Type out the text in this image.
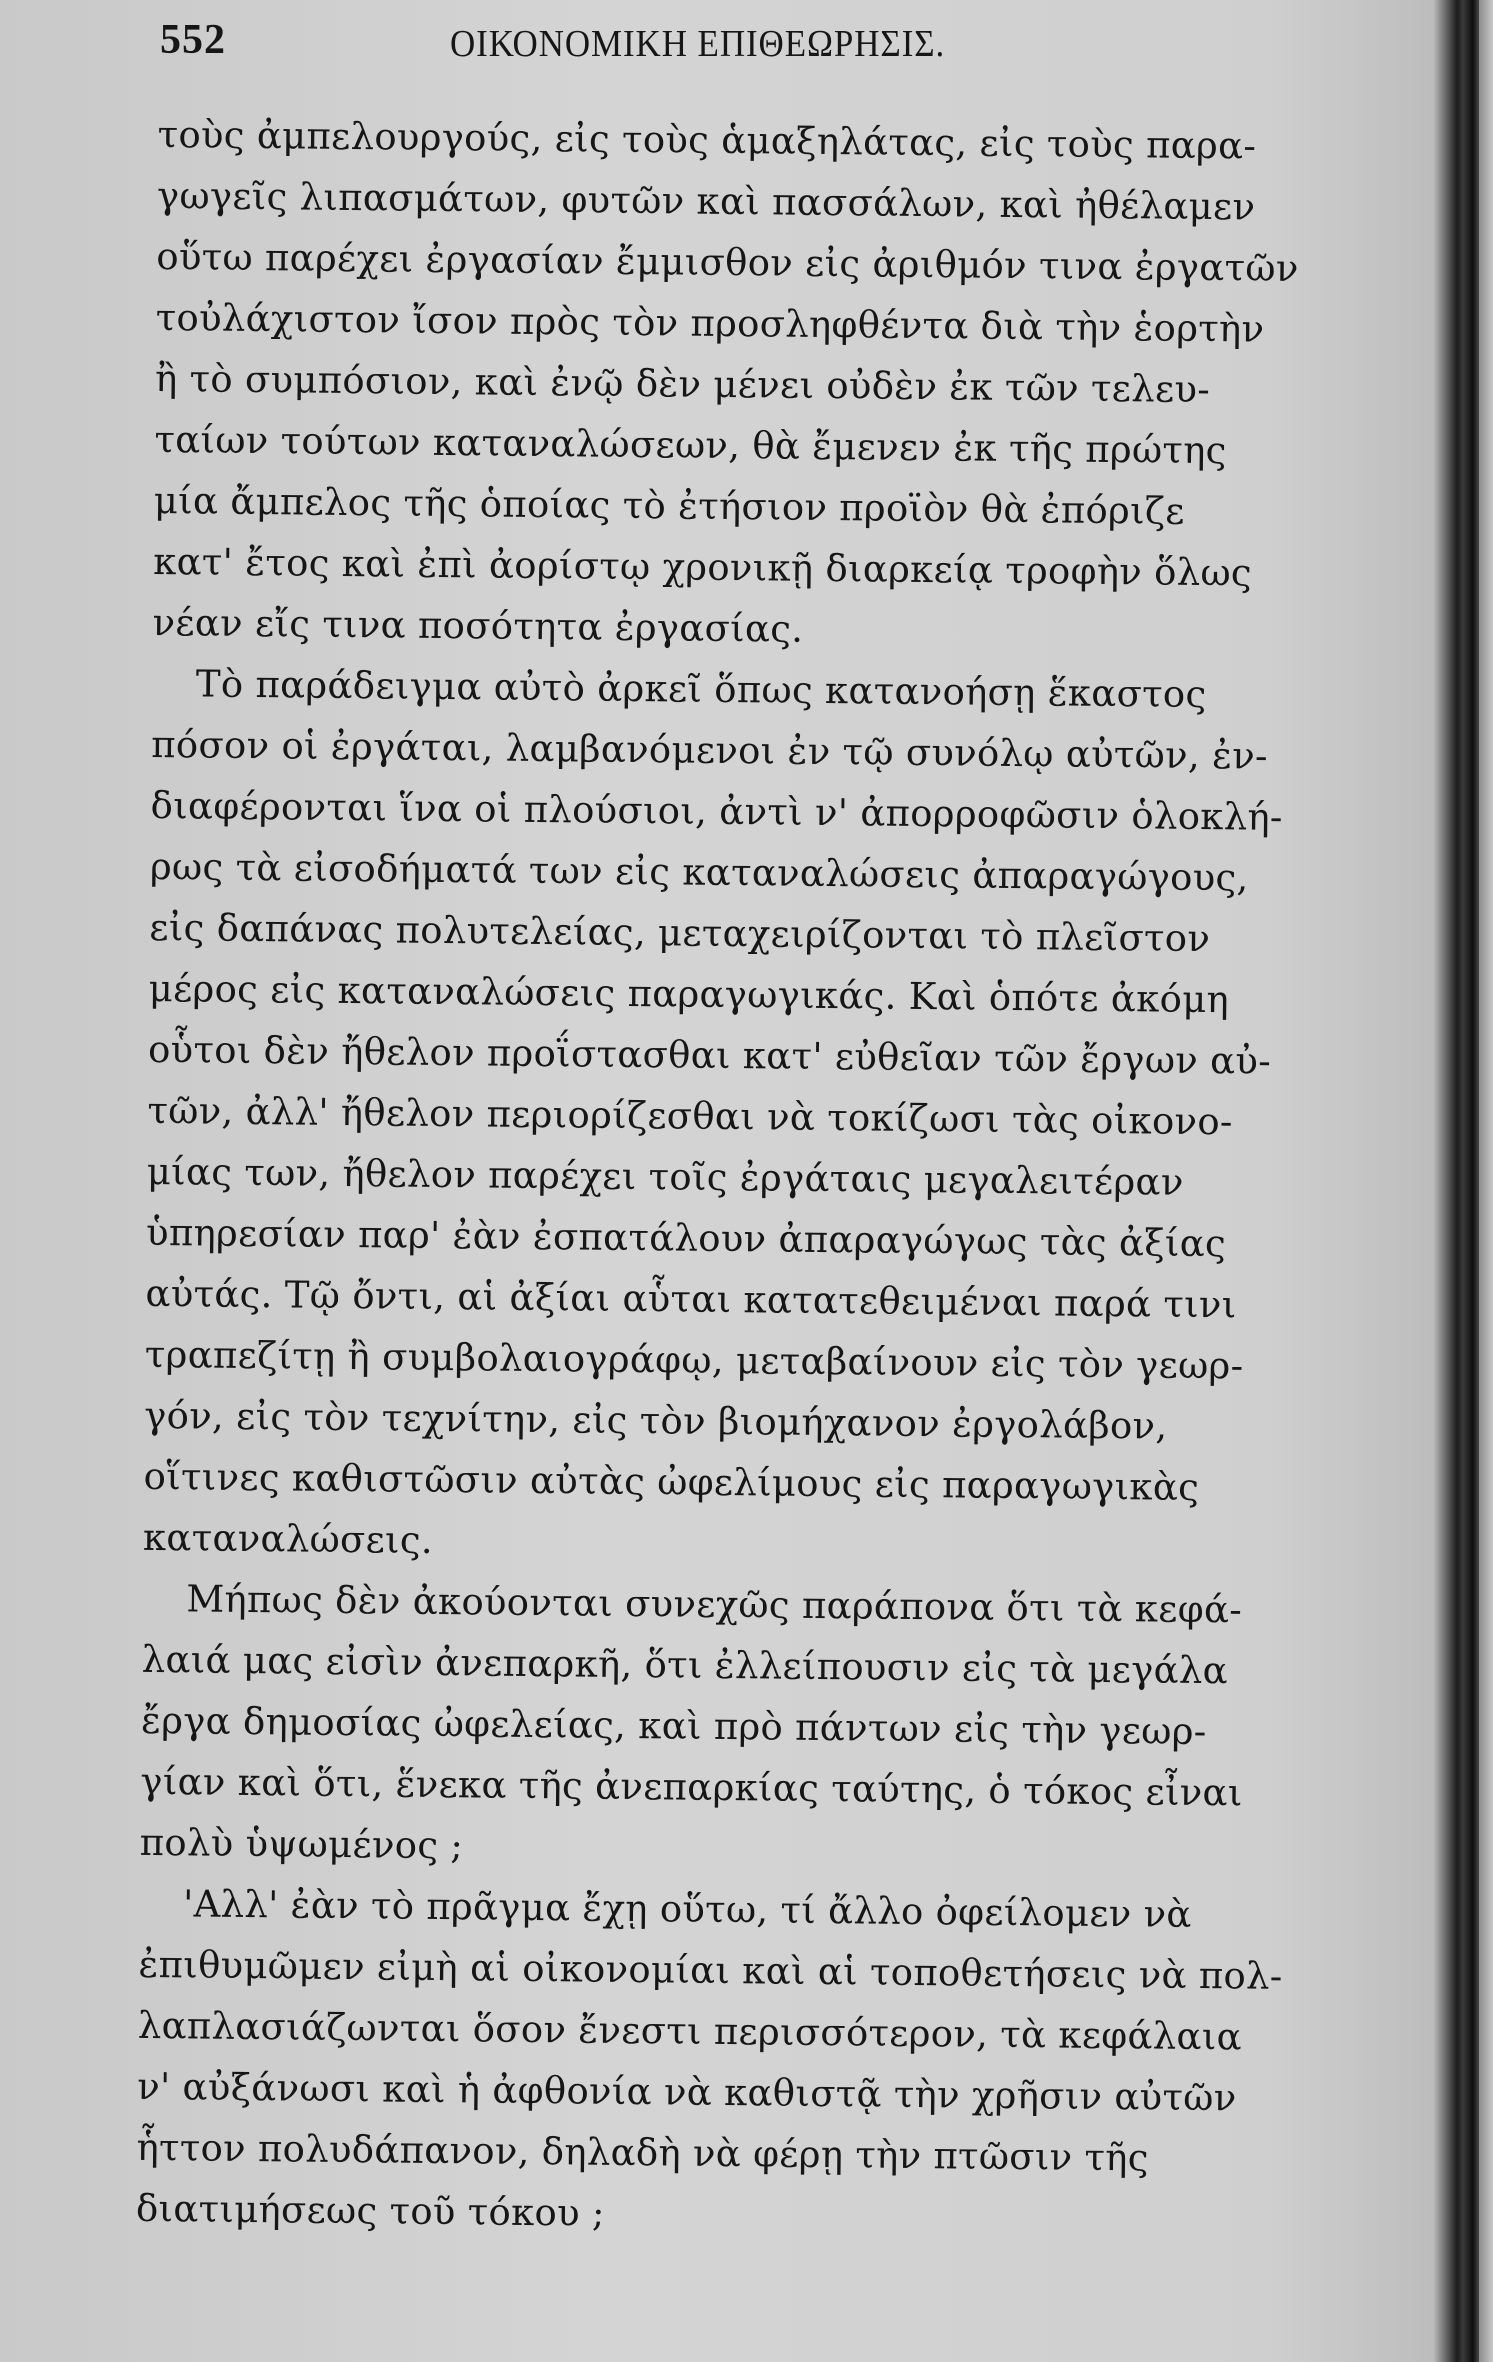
552	ΟΙΚΟΝΟΜΙΚΗ ΕΠΙΘΕΩΡΗΣΙΣ.
τοὺς ἀμπελουργούς, εἰς τοὺς ἁμαξηλάτας, εἰς τοὺς παρα-
γωγεῖς λιπασμάτων, φυτῶν καὶ πασσάλων, καὶ ἠθέλαμεν
οὕτω παρέχει ἐργασίαν ἔμμισθον εἰς ἀριθμόν τινα ἐργατῶν
τοὐλάχιστον ἴσον πρὸς τὸν προσληφθέντα διὰ τὴν ἑορτὴν
ἢ τὸ συμπόσιον, καὶ ἐνῷ δὲν μένει οὐδὲν ἐκ τῶν τελευ-
ταίων τούτων καταναλώσεων, θὰ ἔμενεν ἐκ τῆς πρώτης
μία ἄμπελος τῆς ὁποίας τὸ ἐτήσιον προϊὸν θὰ ἐπόριζε
κατ' ἔτος καὶ ἐπὶ ἀορίστῳ χρονικῇ διαρκείᾳ τροφὴν ὅλως
νέαν εἴς τινα ποσότητα ἐργασίας.
Τὸ παράδειγμα αὐτὸ ἀρκεῖ ὅπως κατανοήσῃ ἕκαστος
πόσον οἱ ἐργάται, λαμβανόμενοι ἐν τῷ συνόλῳ αὐτῶν, ἐν-
διαφέρονται ἵνα οἱ πλούσιοι, ἀντὶ ν' ἀπορροφῶσιν ὁλοκλή-
ρως τὰ εἰσοδήματά των εἰς καταναλώσεις ἀπαραγώγους,
εἰς δαπάνας πολυτελείας, μεταχειρίζονται τὸ πλεῖστον
μέρος εἰς καταναλώσεις παραγωγικάς. Καὶ ὁπότε ἀκόμη
οὗτοι δὲν ἤθελον προΐστασθαι κατ' εὐθεῖαν τῶν ἔργων αὐ-
τῶν, ἀλλ' ἤθελον περιορίζεσθαι νὰ τοκίζωσι τὰς οἰκονο-
μίας των, ἤθελον παρέχει τοῖς ἐργάταις μεγαλειτέραν
ὑπηρεσίαν παρ' ἐὰν ἐσπατάλουν ἀπαραγώγως τὰς ἀξίας
αὐτάς. Τῷ ὄντι, αἱ ἀξίαι αὗται κατατεθειμέναι παρά τινι
τραπεζίτῃ ἢ συμβολαιογράφῳ, μεταβαίνουν εἰς τὸν γεωρ-
γόν, εἰς τὸν τεχνίτην, εἰς τὸν βιομήχανον ἐργολάβον,
οἵτινες καθιστῶσιν αὐτὰς ὠφελίμους εἰς παραγωγικὰς
καταναλώσεις.
Μήπως δὲν ἀκούονται συνεχῶς παράπονα ὅτι τὰ κεφά-
λαιά μας εἰσὶν ἀνεπαρκῆ, ὅτι ἐλλείπουσιν εἰς τὰ μεγάλα
ἔργα δημοσίας ὠφελείας, καὶ πρὸ πάντων εἰς τὴν γεωρ-
γίαν καὶ ὅτι, ἕνεκα τῆς ἀνεπαρκίας ταύτης, ὁ τόκος εἶναι
πολὺ ὑψωμένος ;
'Αλλ' ἐὰν τὸ πρᾶγμα ἔχῃ οὕτω, τί ἄλλο ὀφείλομεν νὰ
ἐπιθυμῶμεν εἰμὴ αἱ οἰκονομίαι καὶ αἱ τοποθετήσεις νὰ πολ-
λαπλασιάζωνται ὅσον ἔνεστι περισσότερον, τὰ κεφάλαια
ν' αὐξάνωσι καὶ ἡ ἀφθονία νὰ καθιστᾷ τὴν χρῆσιν αὐτῶν
ἧττον πολυδάπανον, δηλαδὴ νὰ φέρῃ τὴν πτῶσιν τῆς
διατιμήσεως τοῦ τόκου ;
